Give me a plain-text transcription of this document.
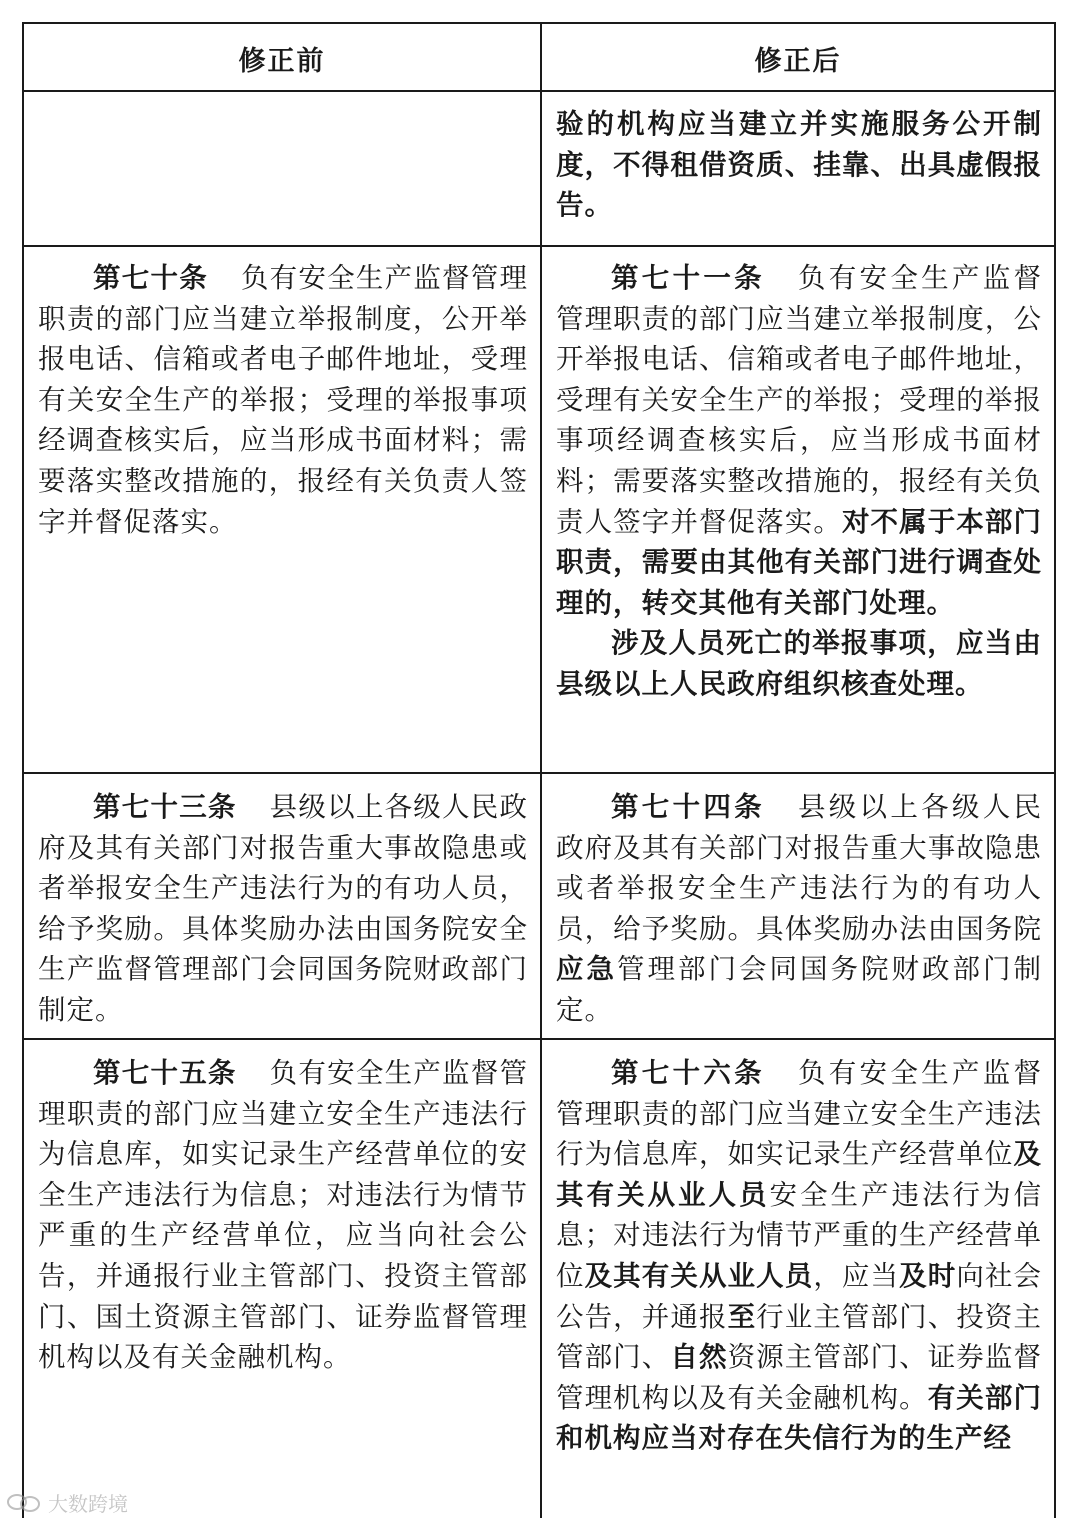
修正前	修正后

验的机构应当建立并实施服务公开制度，不得租借资质、挂靠、出具虚假报告。

第七十条 负有安全生产监督管理职责的部门应当建立举报制度，公开举报电话、信箱或者电子邮件地址，受理有关安全生产的举报；受理的举报事项经调查核实后，应当形成书面材料；需要落实整改措施的，报经有关负责人签字并督促落实。

第七十一条 负有安全生产监督管理职责的部门应当建立举报制度，公开举报电话、信箱或者电子邮件地址，受理有关安全生产的举报；受理的举报事项经调查核实后，应当形成书面材料；需要落实整改措施的，报经有关负责人签字并督促落实。对不属于本部门职责，需要由其他有关部门进行调查处理的，转交其他有关部门处理。

涉及人员死亡的举报事项，应当由县级以上人民政府组织核查处理。

第七十三条 县级以上各级人民政府及其有关部门对报告重大事故隐患或者举报安全生产违法行为的有功人员，给予奖励。具体奖励办法由国务院安全生产监督管理部门会同国务院财政部门制定。

第七十四条 县级以上各级人民政府及其有关部门对报告重大事故隐患或者举报安全生产违法行为的有功人员，给予奖励。具体奖励办法由国务院应急管理部门会同国务院财政部门制定。

第七十五条 负有安全生产监督管理职责的部门应当建立安全生产违法行为信息库，如实记录生产经营单位的安全生产违法行为信息；对违法行为情节严重的生产经营单位，应当向社会公告，并通报行业主管部门、投资主管部门、国土资源主管部门、证券监督管理机构以及有关金融机构。

第七十六条 负有安全生产监督管理职责的部门应当建立安全生产违法行为信息库，如实记录生产经营单位及其有关从业人员安全生产违法行为信息；对违法行为情节严重的生产经营单位及其有关从业人员，应当及时向社会公告，并通报至行业主管部门、投资主管部门、自然资源主管部门、证券监督管理机构以及有关金融机构。有关部门和机构应当对存在失信行为的生产经

大数跨境
